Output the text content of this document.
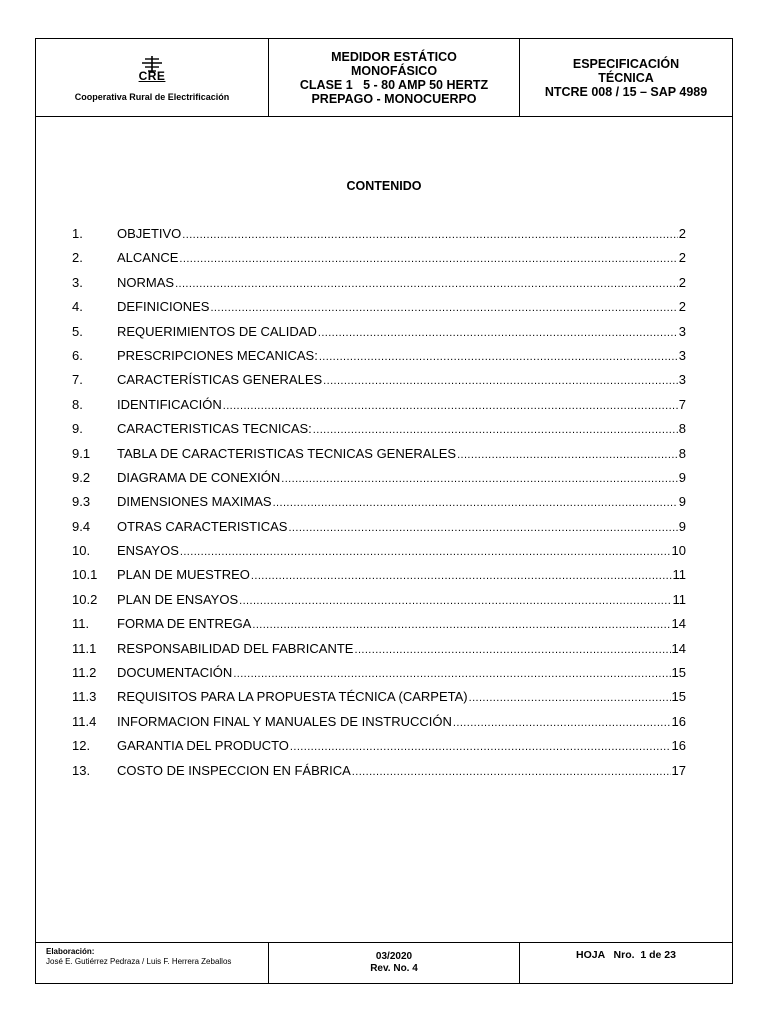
CRE
Cooperativa Rural de Electrificación
MEDIDOR ESTÁTICO
MONOFÁSICO
CLASE 1   5 - 80 AMP 50 HERTZ
PREPAGO - MONOCUERPO
ESPECIFICACIÓN
TÉCNICA
NTCRE 008 / 15 – SAP 4989
CONTENIDO
1.	OBJETIVO .....	2
2.	ALCANCE .....	2
3.	NORMAS .....	2
4.	DEFINICIONES .....	2
5.	REQUERIMIENTOS DE CALIDAD .....	3
6.	PRESCRIPCIONES MECANICAS: .....	3
7.	CARACTERÍSTICAS GENERALES .....	3
8.	IDENTIFICACIÓN .....	7
9.	CARACTERISTICAS TECNICAS: .....	8
9.1	TABLA DE CARACTERISTICAS TECNICAS GENERALES .....	8
9.2	DIAGRAMA DE CONEXIÓN .....	9
9.3	DIMENSIONES MAXIMAS .....	9
9.4	OTRAS CARACTERISTICAS .....	9
10.	ENSAYOS .....	10
10.1	PLAN DE MUESTREO .....	11
10.2	PLAN DE ENSAYOS .....	11
11.	FORMA DE ENTREGA .....	14
11.1	RESPONSABILIDAD DEL FABRICANTE .....	14
11.2	DOCUMENTACIÓN .....	15
11.3	REQUISITOS PARA LA PROPUESTA TÉCNICA (CARPETA) .....	15
11.4	INFORMACION FINAL Y MANUALES DE INSTRUCCIÓN .....	16
12.	GARANTIA DEL PRODUCTO .....	16
13.	COSTO DE INSPECCION EN FÁBRICA .....	17
Elaboración:
José E. Gutiérrez Pedraza / Luis F. Herrera Zeballos	03/2020
Rev. No. 4
HOJA   Nro.  1 de 23
